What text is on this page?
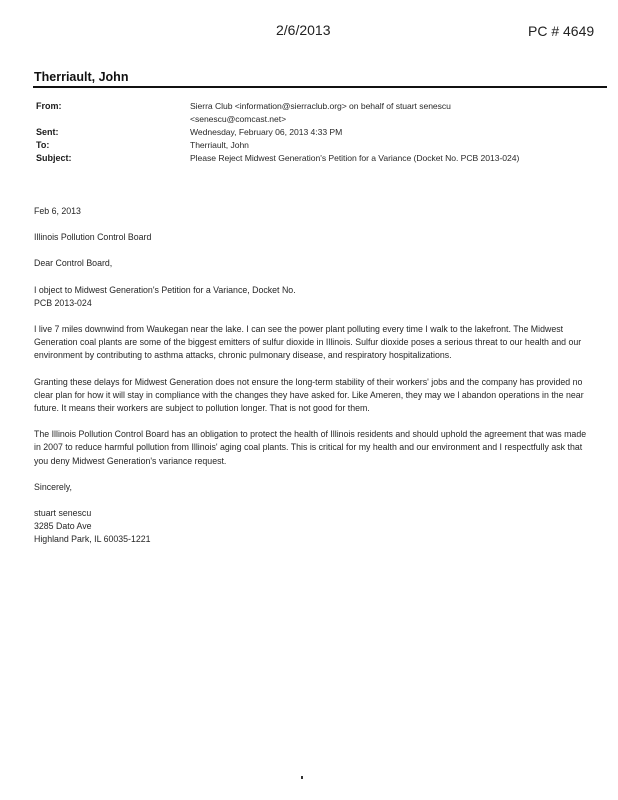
2/6/2013	PC # 4649
Therriault, John
From:	Sierra Club <information@sierraclub.org> on behalf of stuart senescu
<senescu@comcast.net>
Sent:	Wednesday, February 06, 2013 4:33 PM
To:	Therriault, John
Subject:	Please Reject Midwest Generation's Petition for a Variance (Docket No. PCB 2013-024)

Feb 6, 2013

Illinois Pollution Control Board

Dear Control Board,

I object to Midwest Generation's Petition for a Variance, Docket No.
PCB 2013-024

I live 7 miles downwind from Waukegan near the lake. I can see the power plant polluting every time I walk to the lakefront. The Midwest Generation coal plants are some of the biggest emitters of sulfur dioxide in Illinois. Sulfur dioxide poses a serious threat to our health and our environment by contributing to asthma attacks, chronic pulmonary disease, and respiratory hospitalizations.

Granting these delays for Midwest Generation does not ensure the long-term stability of their workers' jobs and the company has provided no clear plan for how it will stay in compliance with the changes they have asked for. Like Ameren, they may we l abandon operations in the near future. It means their workers are subject to pollution longer. That is not good for them.

The Illinois Pollution Control Board has an obligation to protect the health of Illinois residents and should uphold the agreement that was made in 2007 to reduce harmful pollution from Illinois' aging coal plants. This is critical for my health and our environment and I respectfully ask that you deny Midwest Generation's variance request.

Sincerely,

stuart senescu
3285 Dato Ave
Highland Park, IL 60035-1221
